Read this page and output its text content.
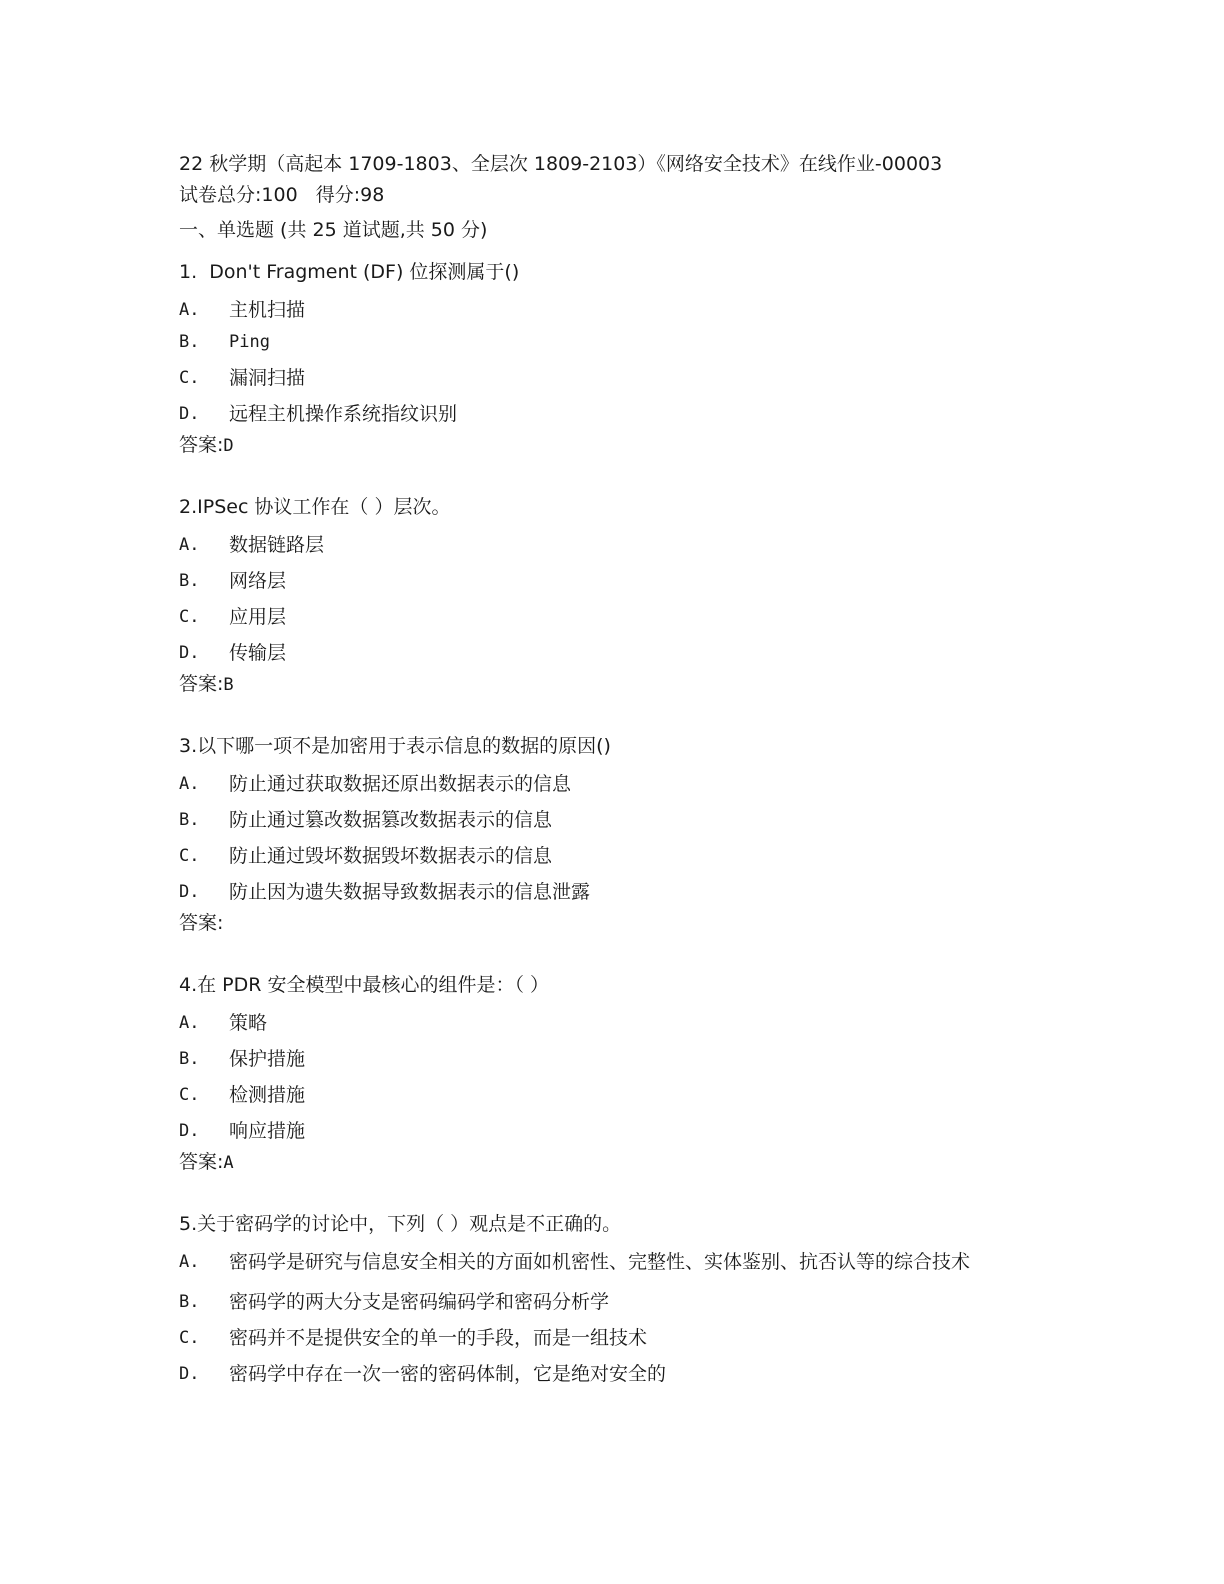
22 秋学期（高起本 1709-1803、全层次 1809-2103）《网络安全技术》在线作业-00003
试卷总分:100   得分:98
一、单选题 (共 25 道试题,共 50 分)
1.  Don't Fragment (DF) 位探测属于()
A.	主机扫描
B.	Ping
C.	漏洞扫描
D.	远程主机操作系统指纹识别
答案:D
2.IPSec 协议工作在（ ）层次。
A.	数据链路层
B.	网络层
C.	应用层
D.	传输层
答案:B
3.以下哪一项不是加密用于表示信息的数据的原因()
A.	防止通过获取数据还原出数据表示的信息
B.	防止通过篡改数据篡改数据表示的信息
C.	防止通过毁坏数据毁坏数据表示的信息
D.	防止因为遗失数据导致数据表示的信息泄露
答案:
4.在 PDR 安全模型中最核心的组件是：（ ）
A.	策略
B.	保护措施
C.	检测措施
D.	响应措施
答案:A
5.关于密码学的讨论中，下列（ ）观点是不正确的。
A.	密码学是研究与信息安全相关的方面如机密性、完整性、实体鉴别、抗否认等的综合技术
B.	密码学的两大分支是密码编码学和密码分析学
C.	密码并不是提供安全的单一的手段，而是一组技术
D.	密码学中存在一次一密的密码体制，它是绝对安全的
